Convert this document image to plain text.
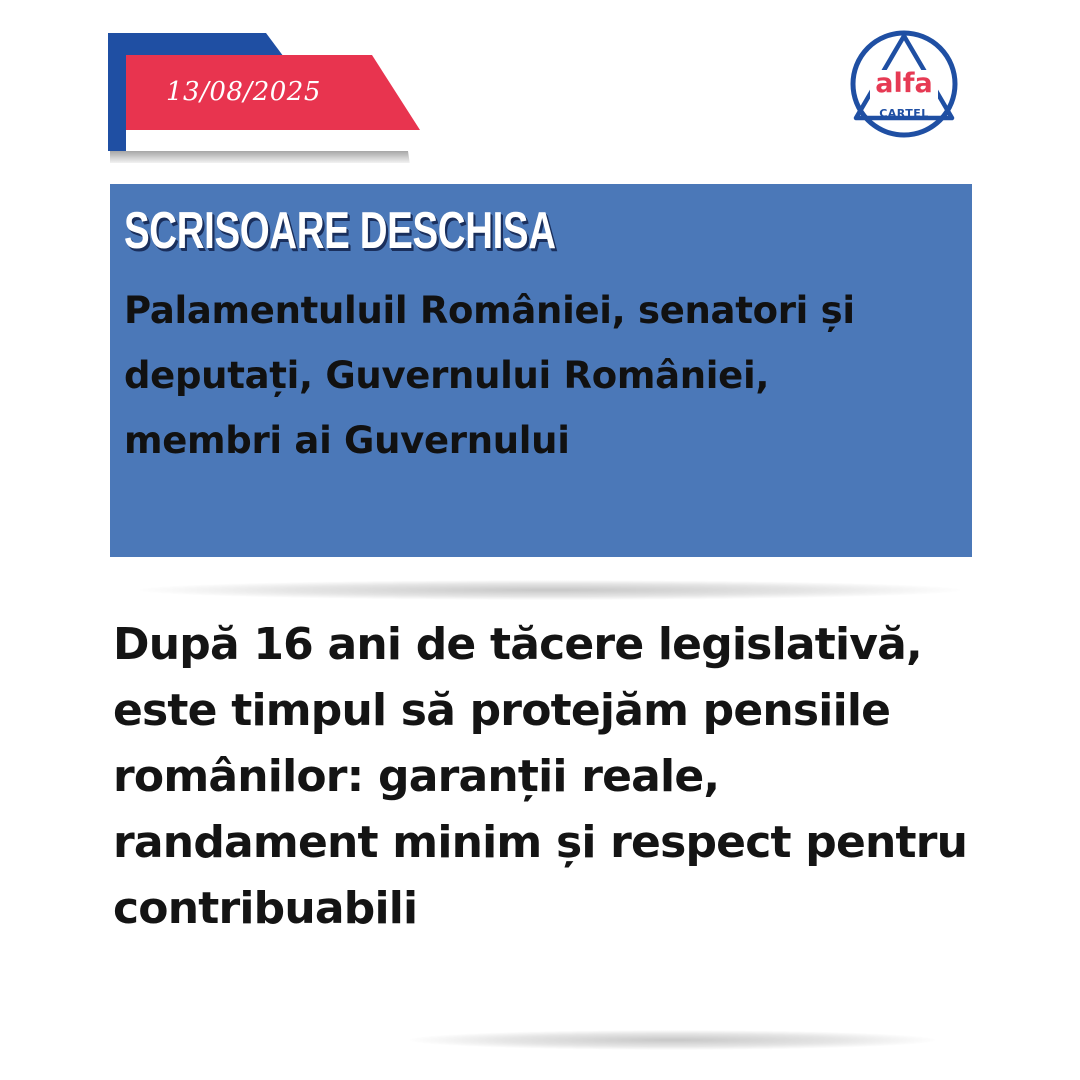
13/08/2025	alfa
CARTEL
SCRISOARE DESCHISA
Palamentuluil României, senatori și deputați, Guvernului României, membri ai Guvernului
După 16 ani de tăcere legislativă, este timpul să protejăm pensiile românilor: garanții reale, randament minim și respect pentru contribuabili
